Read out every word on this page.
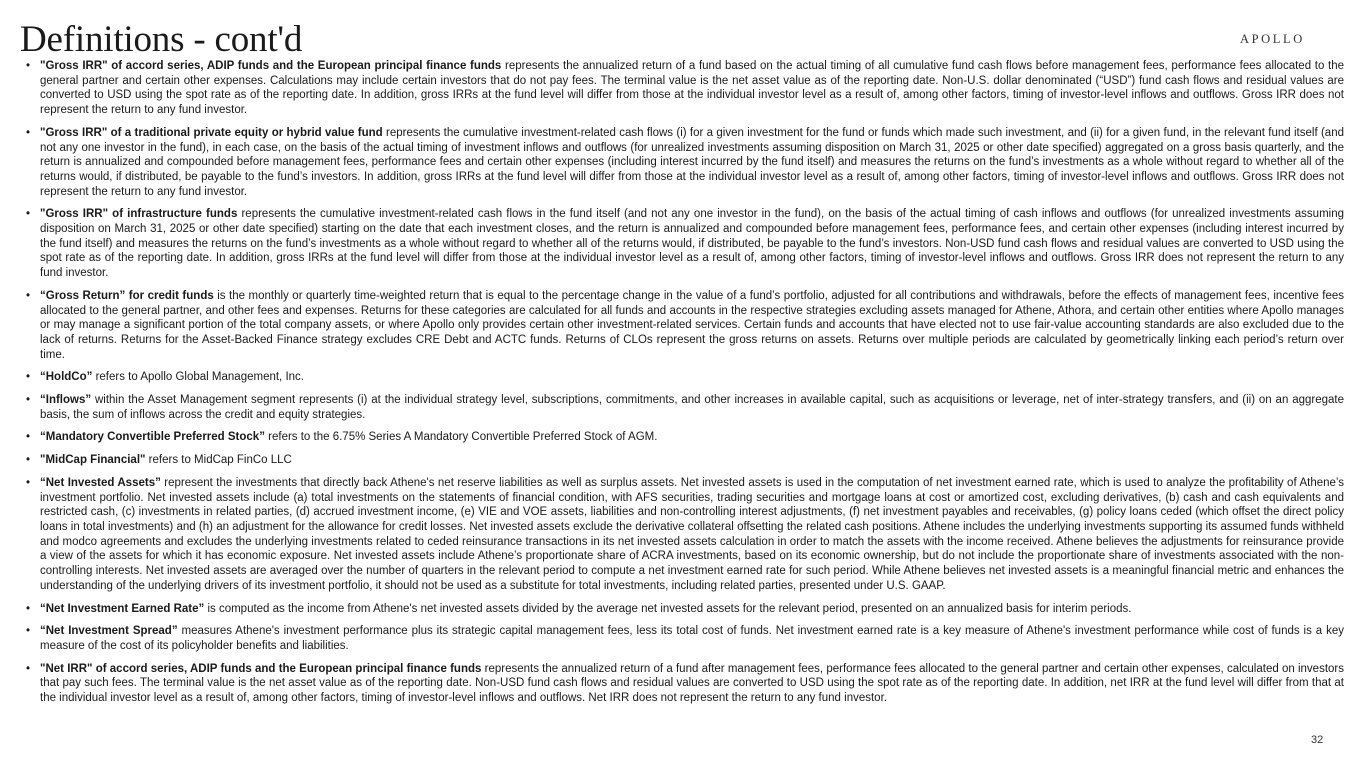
Definitions - cont'd	APOLLO
• "Gross IRR" of accord series, ADIP funds and the European principal finance funds represents the annualized return of a fund based on the actual timing of all cumulative fund cash flows before management fees, performance fees allocated to the general partner and certain other expenses. Calculations may include certain investors that do not pay fees. The terminal value is the net asset value as of the reporting date. Non-U.S. dollar denominated (“USD”) fund cash flows and residual values are converted to USD using the spot rate as of the reporting date. In addition, gross IRRs at the fund level will differ from those at the individual investor level as a result of, among other factors, timing of investor-level inflows and outflows. Gross IRR does not represent the return to any fund investor.
• "Gross IRR" of a traditional private equity or hybrid value fund represents the cumulative investment-related cash flows (i) for a given investment for the fund or funds which made such investment, and (ii) for a given fund, in the relevant fund itself (and not any one investor in the fund), in each case, on the basis of the actual timing of investment inflows and outflows (for unrealized investments assuming disposition on March 31, 2025 or other date specified) aggregated on a gross basis quarterly, and the return is annualized and compounded before management fees, performance fees and certain other expenses (including interest incurred by the fund itself) and measures the returns on the fund’s investments as a whole without regard to whether all of the returns would, if distributed, be payable to the fund’s investors. In addition, gross IRRs at the fund level will differ from those at the individual investor level as a result of, among other factors, timing of investor-level inflows and outflows. Gross IRR does not represent the return to any fund investor.
• "Gross IRR" of infrastructure funds represents the cumulative investment-related cash flows in the fund itself (and not any one investor in the fund), on the basis of the actual timing of cash inflows and outflows (for unrealized investments assuming disposition on March 31, 2025 or other date specified) starting on the date that each investment closes, and the return is annualized and compounded before management fees, performance fees, and certain other expenses (including interest incurred by the fund itself) and measures the returns on the fund’s investments as a whole without regard to whether all of the returns would, if distributed, be payable to the fund’s investors. Non-USD fund cash flows and residual values are converted to USD using the spot rate as of the reporting date. In addition, gross IRRs at the fund level will differ from those at the individual investor level as a result of, among other factors, timing of investor-level inflows and outflows. Gross IRR does not represent the return to any fund investor.
• “Gross Return” for credit funds is the monthly or quarterly time-weighted return that is equal to the percentage change in the value of a fund’s portfolio, adjusted for all contributions and withdrawals, before the effects of management fees, incentive fees allocated to the general partner, and other fees and expenses. Returns for these categories are calculated for all funds and accounts in the respective strategies excluding assets managed for Athene, Athora, and certain other entities where Apollo manages or may manage a significant portion of the total company assets, or where Apollo only provides certain other investment-related services. Certain funds and accounts that have elected not to use fair-value accounting standards are also excluded due to the lack of returns. Returns for the Asset-Backed Finance strategy excludes CRE Debt and ACTC funds. Returns of CLOs represent the gross returns on assets. Returns over multiple periods are calculated by geometrically linking each period’s return over time.
• “HoldCo” refers to Apollo Global Management, Inc.
• “Inflows” within the Asset Management segment represents (i) at the individual strategy level, subscriptions, commitments, and other increases in available capital, such as acquisitions or leverage, net of inter-strategy transfers, and (ii) on an aggregate basis, the sum of inflows across the credit and equity strategies.
• “Mandatory Convertible Preferred Stock” refers to the 6.75% Series A Mandatory Convertible Preferred Stock of AGM.
• "MidCap Financial" refers to MidCap FinCo LLC
• “Net Invested Assets” represent the investments that directly back Athene's net reserve liabilities as well as surplus assets. Net invested assets is used in the computation of net investment earned rate, which is used to analyze the profitability of Athene’s investment portfolio. Net invested assets include (a) total investments on the statements of financial condition, with AFS securities, trading securities and mortgage loans at cost or amortized cost, excluding derivatives, (b) cash and cash equivalents and restricted cash, (c) investments in related parties, (d) accrued investment income, (e) VIE and VOE assets, liabilities and non-controlling interest adjustments, (f) net investment payables and receivables, (g) policy loans ceded (which offset the direct policy loans in total investments) and (h) an adjustment for the allowance for credit losses. Net invested assets exclude the derivative collateral offsetting the related cash positions. Athene includes the underlying investments supporting its assumed funds withheld and modco agreements and excludes the underlying investments related to ceded reinsurance transactions in its net invested assets calculation in order to match the assets with the income received. Athene believes the adjustments for reinsurance provide a view of the assets for which it has economic exposure. Net invested assets include Athene’s proportionate share of ACRA investments, based on its economic ownership, but do not include the proportionate share of investments associated with the non-controlling interests. Net invested assets are averaged over the number of quarters in the relevant period to compute a net investment earned rate for such period. While Athene believes net invested assets is a meaningful financial metric and enhances the understanding of the underlying drivers of its investment portfolio, it should not be used as a substitute for total investments, including related parties, presented under U.S. GAAP.
• “Net Investment Earned Rate” is computed as the income from Athene's net invested assets divided by the average net invested assets for the relevant period, presented on an annualized basis for interim periods.
• “Net Investment Spread” measures Athene's investment performance plus its strategic capital management fees, less its total cost of funds. Net investment earned rate is a key measure of Athene's investment performance while cost of funds is a key measure of the cost of its policyholder benefits and liabilities.
• "Net IRR" of accord series, ADIP funds and the European principal finance funds represents the annualized return of a fund after management fees, performance fees allocated to the general partner and certain other expenses, calculated on investors that pay such fees. The terminal value is the net asset value as of the reporting date. Non-USD fund cash flows and residual values are converted to USD using the spot rate as of the reporting date. In addition, net IRR at the fund level will differ from that at the individual investor level as a result of, among other factors, timing of investor-level inflows and outflows. Net IRR does not represent the return to any fund investor.
32
